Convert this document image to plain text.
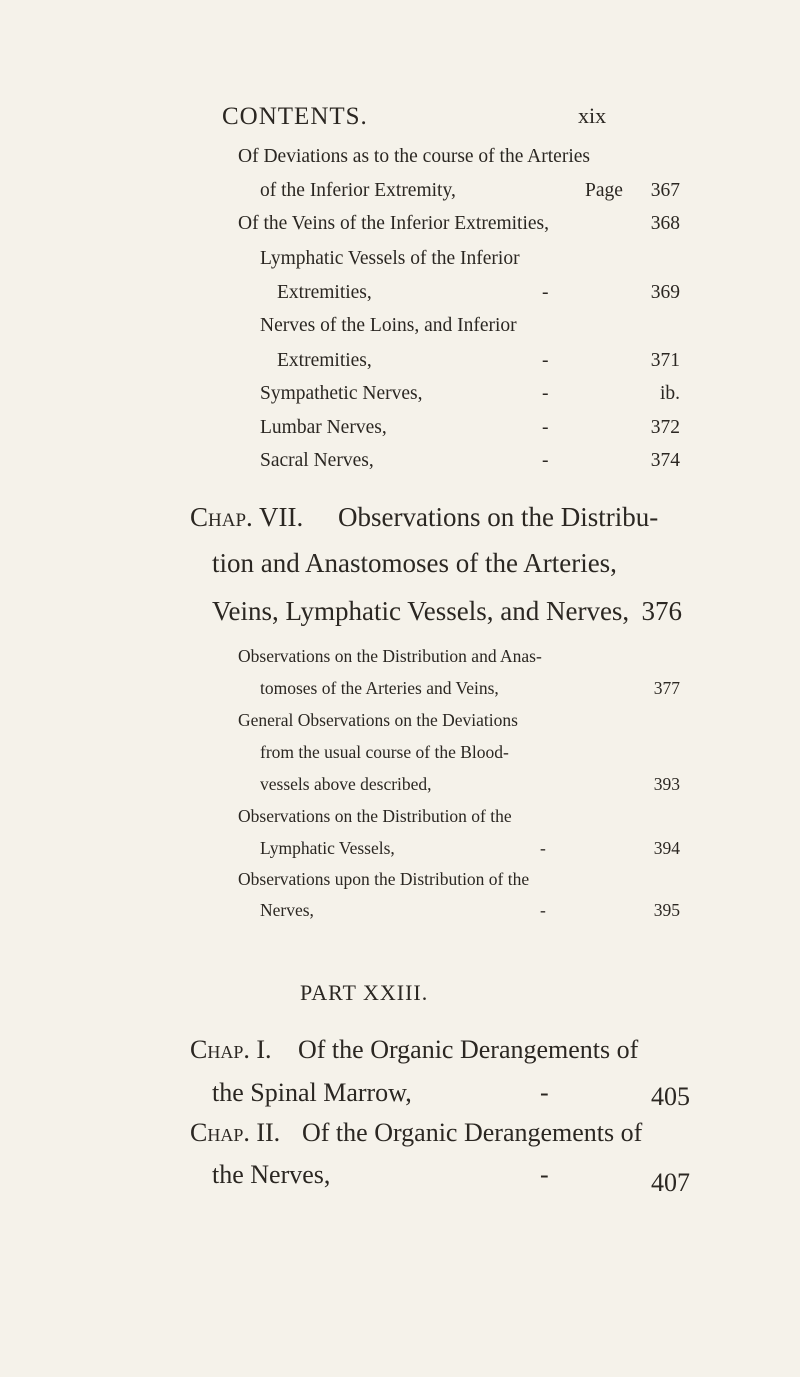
CONTENTS.	xix
Of Deviations as to the course of the Arteries
of the Inferior Extremity,	Page	367
Of the Veins of the Inferior Extremities,	368
Lymphatic Vessels of the Inferior
Extremities,	-	369
Nerves of the Loins, and Inferior
Extremities,	-	371
Sympathetic Nerves,	-	ib.
Lumbar Nerves,	-	372
Sacral Nerves,	-	374
Chap. VII. Observations on the Distribu-
tion and Anastomoses of the Arteries,
Veins, Lymphatic Vessels, and Nerves, 376
Observations on the Distribution and Anas-
tomoses of the Arteries and Veins,	377
General Observations on the Deviations
from the usual course of the Blood-
vessels above described,	393
Observations on the Distribution of the
Lymphatic Vessels,	-	394
Observations upon the Distribution of the
Nerves,	-	395
PART XXIII.
Chap. I. Of the Organic Derangements of
the Spinal Marrow,	-	405
Chap. II. Of the Organic Derangements of
the Nerves,	-	407
